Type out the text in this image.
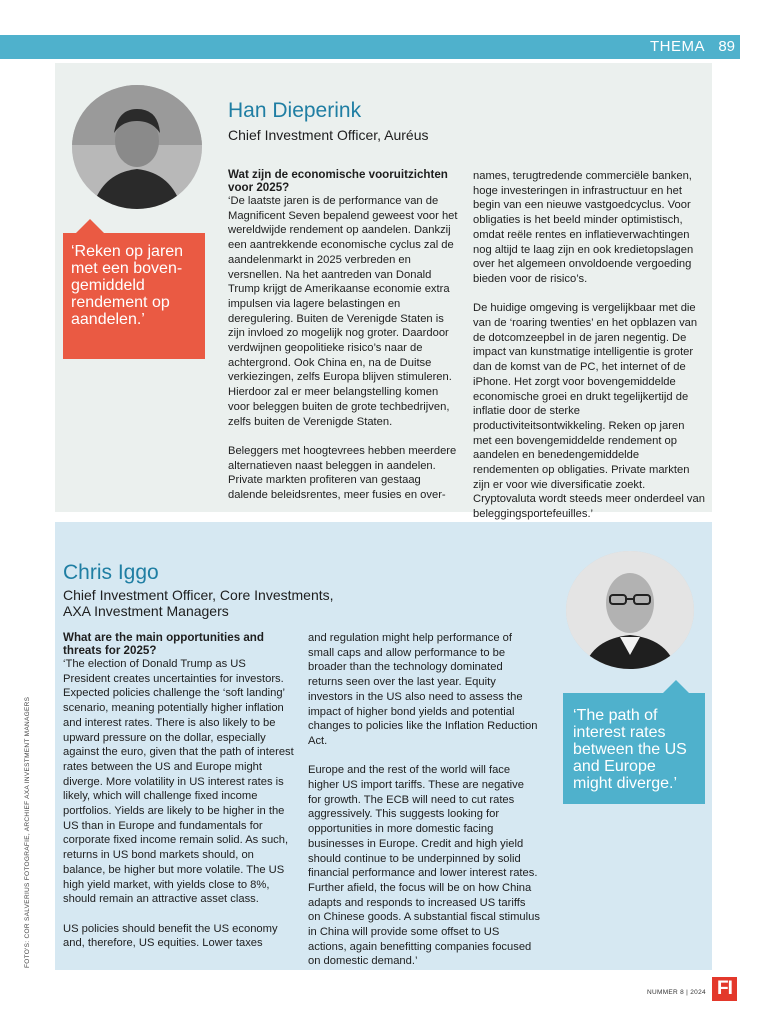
THEMA 89
Han Dieperink

Chief Investment Officer, Auréus

‘Reken op jaren met een boven-gemiddeld rendement op aandelen.’
Wat zijn de economische vooruitzichten voor 2025?

‘De laatste jaren is de performance van de Magnificent Seven bepalend geweest voor het wereldwijde rendement op aandelen. Dankzij een aantrekkende economische cyclus zal de aandelenmarkt in 2025 verbreden en versnellen. Na het aantreden van Donald Trump krijgt de Amerikaanse economie extra impulsen via lagere belastingen en deregulering. Buiten de Verenigde Staten is zijn invloed zo mogelijk nog groter. Daardoor verdwijnen geopolitieke risico’s naar de achtergrond. Ook China en, na de Duitse verkiezingen, zelfs Europa blijven stimuleren. Hierdoor zal er meer belangstelling komen voor beleggen buiten de grote techbedrijven, zelfs buiten de Verenigde Staten.

Beleggers met hoogtevrees hebben meerdere alternatieven naast beleggen in aandelen. Private markten profiteren van gestaag dalende beleidsrentes, meer fusies en over-

names, terugtredende commerciële banken, hoge investeringen in infrastructuur en het begin van een nieuwe vastgoedcyclus. Voor obligaties is het beeld minder optimistisch, omdat reële rentes en inflatieverwachtingen nog altijd te laag zijn en ook kredietopslagen over het algemeen onvoldoende vergoeding bieden voor de risico’s.

De huidige omgeving is vergelijkbaar met die van de ‘roaring twenties’ en het opblazen van de dotcomzeepbel in de jaren negentig. De impact van kunstmatige intelligentie is groter dan de komst van de PC, het internet of de iPhone. Het zorgt voor bovengemiddelde economische groei en drukt tegelijkertijd de inflatie door de sterke productiviteitsontwikkeling. Reken op jaren met een bovengemiddelde rendement op aandelen en benedengemiddelde rendementen op obligaties. Private markten zijn er voor wie diversificatie zoekt. Cryptovaluta wordt steeds meer onderdeel van beleggingsportefeuilles.’

Chris Iggo

Chief Investment Officer, Core Investments,

AXA Investment Managers

‘The path of interest rates between the US and Europe might diverge.’
What are the main opportunities and threats for 2025?

‘The election of Donald Trump as US President creates uncertainties for investors. Expected policies challenge the ‘soft landing’ scenario, meaning potentially higher inflation and interest rates. There is also likely to be upward pressure on the dollar, especially against the euro, given that the path of interest rates between the US and Europe might diverge. More volatility in US interest rates is likely, which will challenge fixed income portfolios. Yields are likely to be higher in the US than in Europe and fundamentals for corporate fixed income remain solid. As such, returns in US bond markets should, on balance, be higher but more volatile. The US high yield market, with yields close to 8%, should remain an attractive asset class.

US policies should benefit the US economy and, therefore, US equities. Lower taxes

and regulation might help performance of small caps and allow performance to be broader than the technology dominated returns seen over the last year. Equity investors in the US also need to assess the impact of higher bond yields and potential changes to policies like the Inflation Reduction Act.

Europe and the rest of the world will face higher US import tariffs. These are negative for growth. The ECB will need to cut rates aggressively. This suggests looking for opportunities in more domestic facing businesses in Europe. Credit and high yield should continue to be underpinned by solid financial performance and lower interest rates. Further afield, the focus will be on how China adapts and responds to increased US tariffs on Chinese goods. A substantial fiscal stimulus in China will provide some offset to US actions, again benefitting companies focused on domestic demand.’

FOTO'S: COR SALVERIUS FOTOGRAFIE, ARCHIEF AXA INVESTMENT MANAGERS
NUMMER 8 | 2024 FI
